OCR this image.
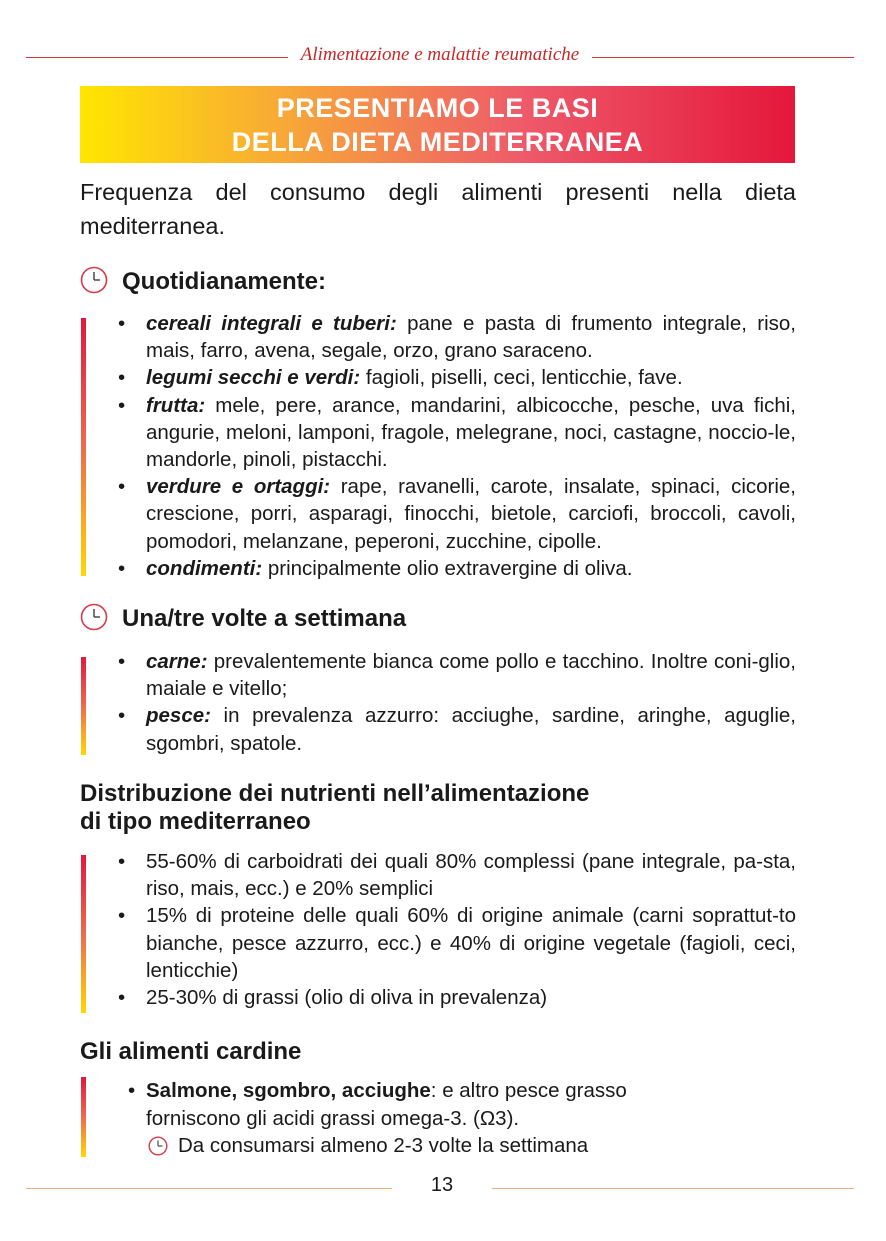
Alimentazione e malattie reumatiche
PRESENTIAMO LE BASI
DELLA DIETA MEDITERRANEA
Frequenza del consumo degli alimenti presenti nella dieta mediterranea.
Quotidianamente:
• cereali integrali e tuberi: pane e pasta di frumento integrale, riso, mais, farro, avena, segale, orzo, grano saraceno.
• legumi secchi e verdi: fagioli, piselli, ceci, lenticchie, fave.
• frutta: mele, pere, arance, mandarini, albicocche, pesche, uva fichi, angurie, meloni, lamponi, fragole, melegrane, noci, castagne, noccio-le, mandorle, pinoli, pistacchi.
• verdure e ortaggi: rape, ravanelli, carote, insalate, spinaci, cicorie, crescione, porri, asparagi, finocchi, bietole, carciofi, broccoli, cavoli, pomodori, melanzane, peperoni, zucchine, cipolle.
• condimenti: principalmente olio extravergine di oliva.
Una/tre volte a settimana
• carne: prevalentemente bianca come pollo e tacchino. Inoltre coni-glio, maiale e vitello;
• pesce: in prevalenza azzurro: acciughe, sardine, aringhe, aguglie, sgombri, spatole.
Distribuzione dei nutrienti nell’alimentazione
di tipo mediterraneo
• 55-60% di carboidrati dei quali 80% complessi (pane integrale, pa-sta, riso, mais, ecc.) e 20% semplici
• 15% di proteine delle quali 60% di origine animale (carni soprattut-to bianche, pesce azzurro, ecc.) e 40% di origine vegetale (fagioli, ceci, lenticchie)
• 25-30% di grassi (olio di oliva in prevalenza)
Gli alimenti cardine
• Salmone, sgombro, acciughe: e altro pesce grasso
forniscono gli acidi grassi omega-3. (Ω3).
Da consumarsi almeno 2-3 volte la settimana
13
